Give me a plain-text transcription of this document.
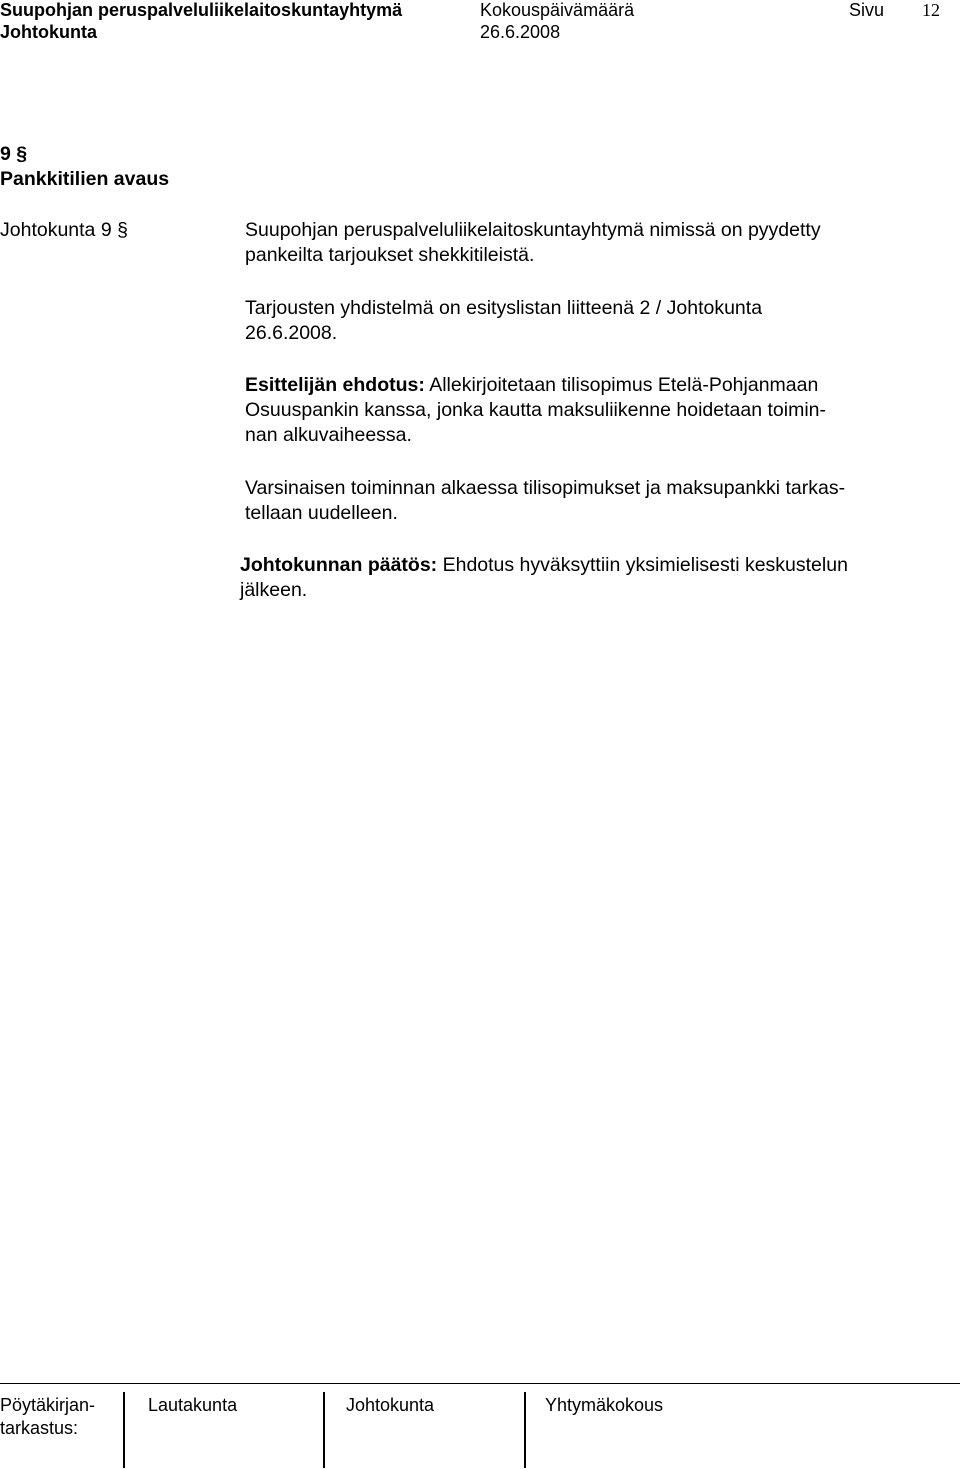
Suupohjan peruspalveluliikelaitoskuntayhtymä	Kokouspäivämäärä	Sivu 12
Johtokunta	26.6.2008
9 §
Pankkitilien avaus
Johtokunta 9 §	Suupohjan peruspalveluliikelaitoskuntayhtymä nimissä on pyydetty
pankeilta tarjoukset shekkitileistä.
Tarjousten yhdistelmä on esityslistan liitteenä 2 / Johtokunta
26.6.2008.
Esittelijän ehdotus: Allekirjoitetaan tilisopimus Etelä-Pohjanmaan
Osuuspankin kanssa, jonka kautta maksuliikenne hoidetaan toimin-
nan alkuvaiheessa.
Varsinaisen toiminnan alkaessa tilisopimukset ja maksupankki tarkas-
tellaan uudelleen.
Johtokunnan päätös: Ehdotus hyväksyttiin yksimielisesti keskustelun
jälkeen.
Pöytäkirjan-
tarkastus:
Lautakunta	Johtokunta	Yhtymäkokous
